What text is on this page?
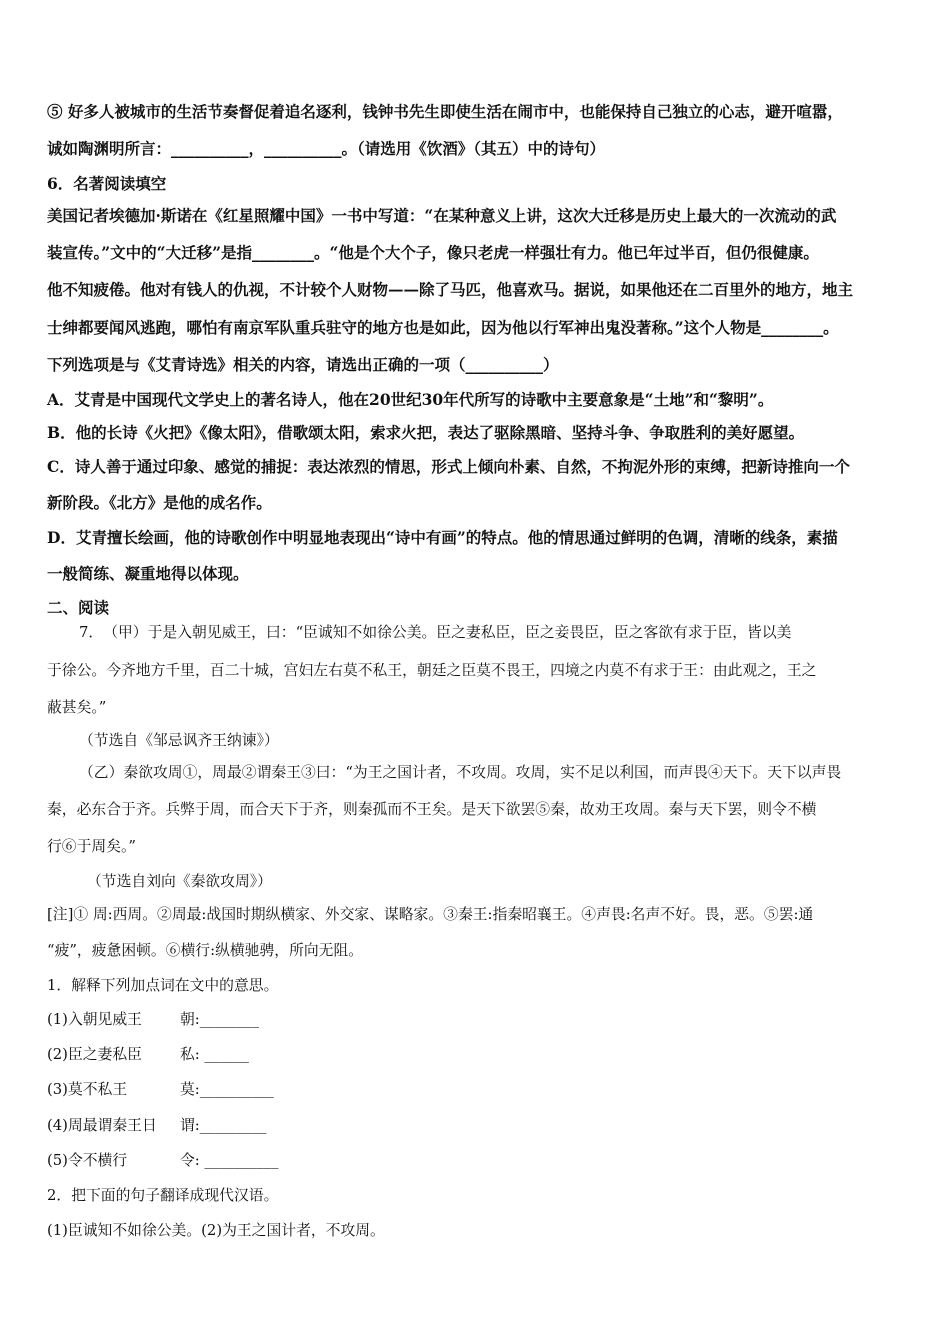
⑤ 好多人被城市的生活节奏督促着追名逐利，钱钟书先生即使生活在闹市中，也能保持自己独立的心志，避开喧嚣，
诚如陶渊明所言：__________，__________。（请选用《饮酒》（其五）中的诗句）
6．名著阅读填空
美国记者埃德加·斯诺在《红星照耀中国》一书中写道：“在某种意义上讲，这次大迁移是历史上最大的一次流动的武
装宣传。”文中的“大迁移”是指________。“他是个大个子，像只老虎一样强壮有力。他已年过半百，但仍很健康。
他不知疲倦。他对有钱人的仇视，不计较个人财物——除了马匹，他喜欢马。据说，如果他还在二百里外的地方，地主
士绅都要闻风逃跑，哪怕有南京军队重兵驻守的地方也是如此，因为他以行军神出鬼没著称。”这个人物是________。
下列选项是与《艾青诗选》相关的内容，请选出正确的一项（__________）
A．艾青是中国现代文学史上的著名诗人，他在20世纪30年代所写的诗歌中主要意象是“土地”和“黎明”。
B．他的长诗《火把》《像太阳》，借歌颂太阳，索求火把，表达了驱除黑暗、坚持斗争、争取胜利的美好愿望。
C．诗人善于通过印象、感觉的捕捉：表达浓烈的情思，形式上倾向朴素、自然，不拘泥外形的束缚，把新诗推向一个
新阶段。《北方》是他的成名作。
D．艾青擅长绘画，他的诗歌创作中明显地表现出“诗中有画”的特点。他的情思通过鲜明的色调，清晰的线条，素描
一般简练、凝重地得以体现。
二、阅读
7．　（甲）于是入朝见威王，曰：“臣诚知不如徐公美。臣之妻私臣，臣之妾畏臣，臣之客欲有求于臣，皆以美
于徐公。今齐地方千里，百二十城，宫妇左右莫不私王，朝廷之臣莫不畏王，四境之内莫不有求于王：由此观之，王之
蔽甚矣。”
（节选自《邹忌讽齐王纳谏》）
（乙）秦欲攻周①，周最②谓秦王③曰：“为王之国计者，不攻周。攻周，实不足以利国，而声畏④天下。天下以声畏
秦，必东合于齐。兵弊于周，而合天下于齐，则秦孤而不王矣。是天下欲罢⑤秦，故劝王攻周。秦与天下罢，则令不横
行⑥于周矣。”
（节选自刘向《秦欲攻周》）
[注]① 周:西周。②周最:战国时期纵横家、外交家、谋略家。③秦王:指秦昭襄王。④声畏:名声不好。畏，恶。⑤罢:通
“疲”，疲惫困顿。⑥横行:纵横驰骋，所向无阻。
1．解释下列加点词在文中的意思。
(1)入朝见威王	朝:________
(2)臣之妻私臣	私: ______
(3)莫不私王	莫:__________
(4)周最谓秦王日 谓:_________
(5)令不横行	令: __________
2．把下面的句子翻译成现代汉语。
(1)臣诚知不如徐公美。(2)为王之国计者，不攻周。
